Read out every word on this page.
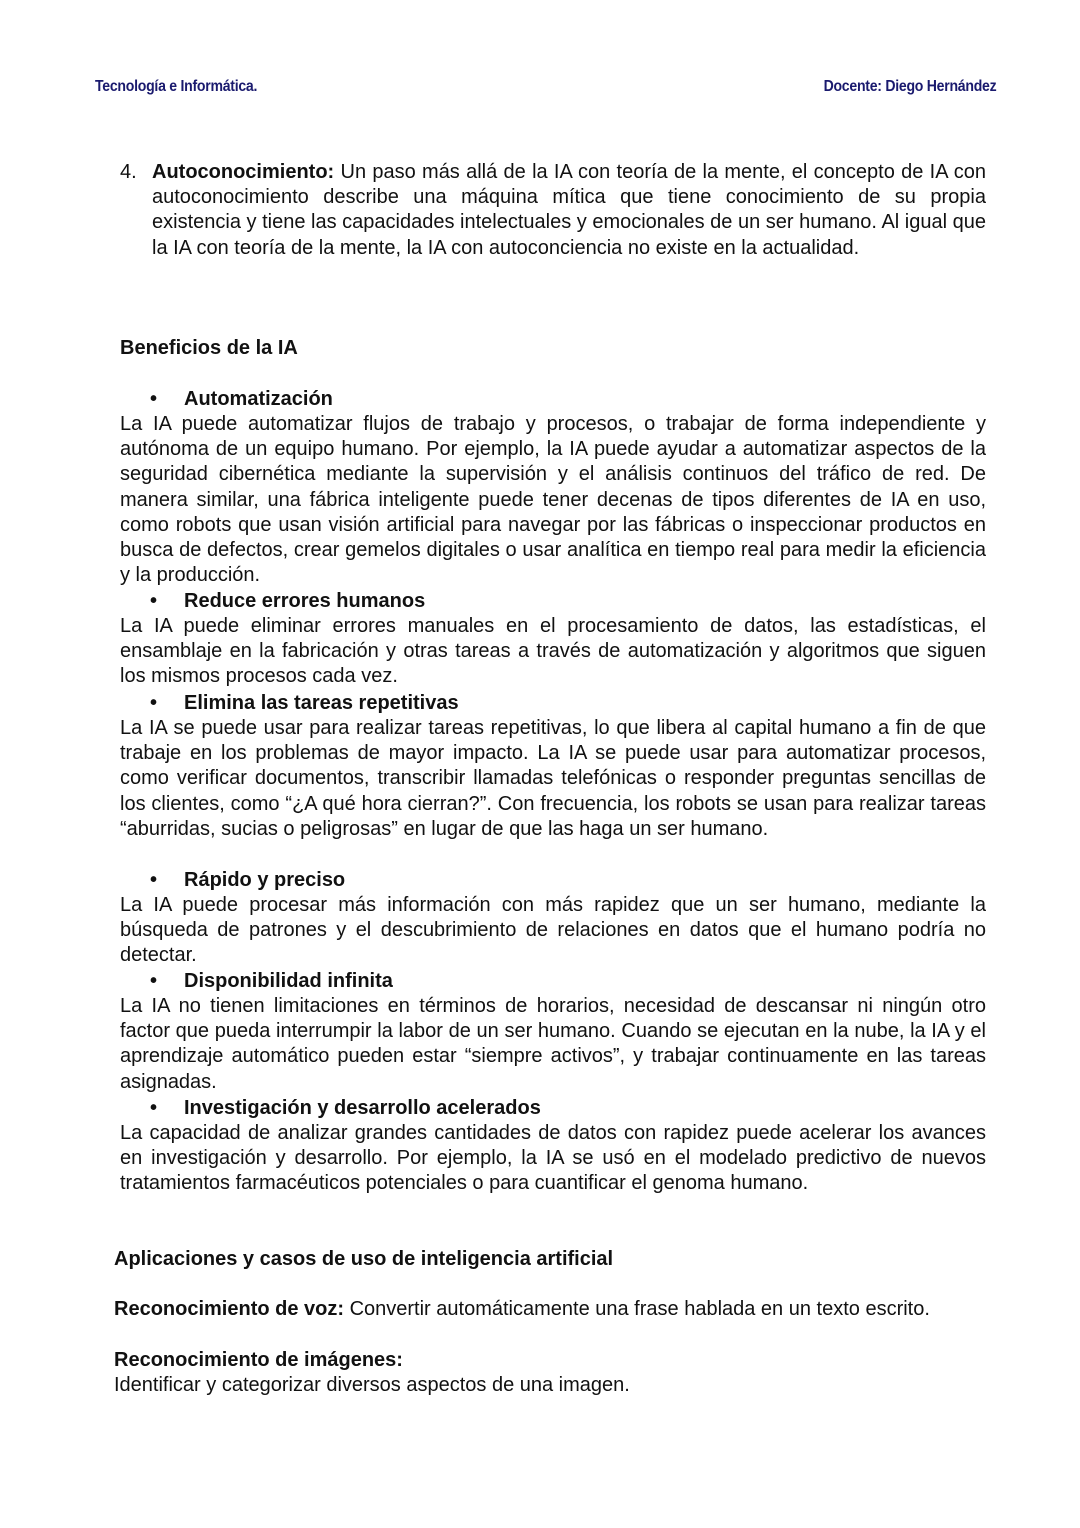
Tecnología e Informática.	Docente: Diego Hernández
4. Autoconocimiento: Un paso más allá de la IA con teoría de la mente, el concepto de IA con autoconocimiento describe una máquina mítica que tiene conocimiento de su propia existencia y tiene las capacidades intelectuales y emocionales de un ser humano. Al igual que la IA con teoría de la mente, la IA con autoconciencia no existe en la actualidad.
Beneficios de la IA
• Automatización
La IA puede automatizar flujos de trabajo y procesos, o trabajar de forma independiente y autónoma de un equipo humano. Por ejemplo, la IA puede ayudar a automatizar aspectos de la seguridad cibernética mediante la supervisión y el análisis continuos del tráfico de red. De manera similar, una fábrica inteligente puede tener decenas de tipos diferentes de IA en uso, como robots que usan visión artificial para navegar por las fábricas o inspeccionar productos en busca de defectos, crear gemelos digitales o usar analítica en tiempo real para medir la eficiencia y la producción.
• Reduce errores humanos
La IA puede eliminar errores manuales en el procesamiento de datos, las estadísticas, el ensamblaje en la fabricación y otras tareas a través de automatización y algoritmos que siguen los mismos procesos cada vez.
• Elimina las tareas repetitivas
La IA se puede usar para realizar tareas repetitivas, lo que libera al capital humano a fin de que trabaje en los problemas de mayor impacto. La IA se puede usar para automatizar procesos, como verificar documentos, transcribir llamadas telefónicas o responder preguntas sencillas de los clientes, como “¿A qué hora cierran?”. Con frecuencia, los robots se usan para realizar tareas “aburridas, sucias o peligrosas” en lugar de que las haga un ser humano.
• Rápido y preciso
La IA puede procesar más información con más rapidez que un ser humano, mediante la búsqueda de patrones y el descubrimiento de relaciones en datos que el humano podría no detectar.
• Disponibilidad infinita
La IA no tienen limitaciones en términos de horarios, necesidad de descansar ni ningún otro factor que pueda interrumpir la labor de un ser humano. Cuando se ejecutan en la nube, la IA y el aprendizaje automático pueden estar “siempre activos”, y trabajar continuamente en las tareas asignadas.
• Investigación y desarrollo acelerados
La capacidad de analizar grandes cantidades de datos con rapidez puede acelerar los avances en investigación y desarrollo. Por ejemplo, la IA se usó en el modelado predictivo de nuevos tratamientos farmacéuticos potenciales o para cuantificar el genoma humano.
Aplicaciones y casos de uso de inteligencia artificial
Reconocimiento de voz: Convertir automáticamente una frase hablada en un texto escrito.
Reconocimiento de imágenes:
Identificar y categorizar diversos aspectos de una imagen.
